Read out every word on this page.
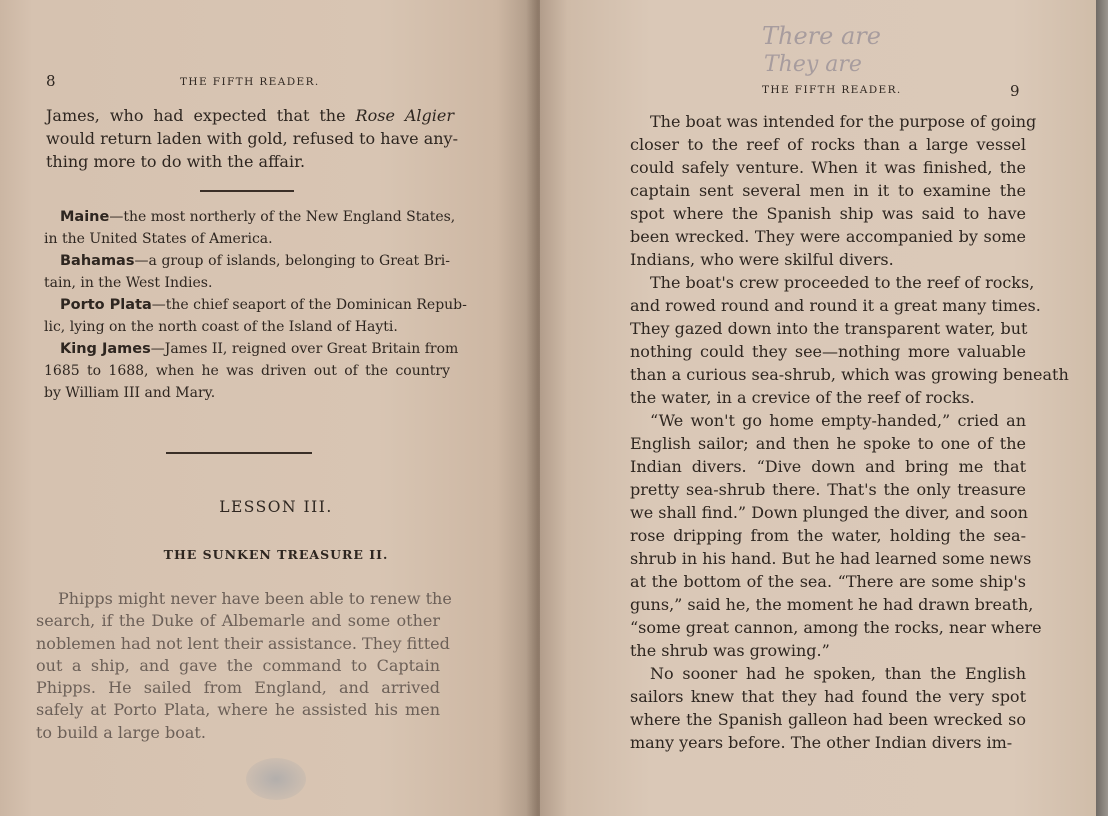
8	THE FIFTH READER.
James, who had expected that the Rose Algier
would return laden with gold, refused to have any-
thing more to do with the affair.
Maine—the most northerly of the New England States,
in the United States of America.
Bahamas—a group of islands, belonging to Great Bri-
tain, in the West Indies.
Porto Plata—the chief seaport of the Dominican Repub-
lic, lying on the north coast of the Island of Hayti.
King James—James II, reigned over Great Britain from
1685 to 1688, when he was driven out of the country
by William III and Mary.
LESSON III.
THE SUNKEN TREASURE II.
Phipps might never have been able to renew the
search, if the Duke of Albemarle and some other
noblemen had not lent their assistance. They fitted
out a ship, and gave the command to Captain
Phipps. He sailed from England, and arrived
safely at Porto Plata, where he assisted his men
to build a large boat.
There are
They are
THE FIFTH READER.	9
The boat was intended for the purpose of going
closer to the reef of rocks than a large vessel
could safely venture. When it was finished, the
captain sent several men in it to examine the
spot where the Spanish ship was said to have
been wrecked. They were accompanied by some
Indians, who were skilful divers.
The boat's crew proceeded to the reef of rocks,
and rowed round and round it a great many times.
They gazed down into the transparent water, but
nothing could they see—nothing more valuable
than a curious sea-shrub, which was growing beneath
the water, in a crevice of the reef of rocks.
“We won't go home empty-handed,” cried an
English sailor; and then he spoke to one of the
Indian divers. “Dive down and bring me that
pretty sea-shrub there. That's the only treasure
we shall find.” Down plunged the diver, and soon
rose dripping from the water, holding the sea-
shrub in his hand. But he had learned some news
at the bottom of the sea. “There are some ship's
guns,” said he, the moment he had drawn breath,
“some great cannon, among the rocks, near where
the shrub was growing.”
No sooner had he spoken, than the English
sailors knew that they had found the very spot
where the Spanish galleon had been wrecked so
many years before. The other Indian divers im-
